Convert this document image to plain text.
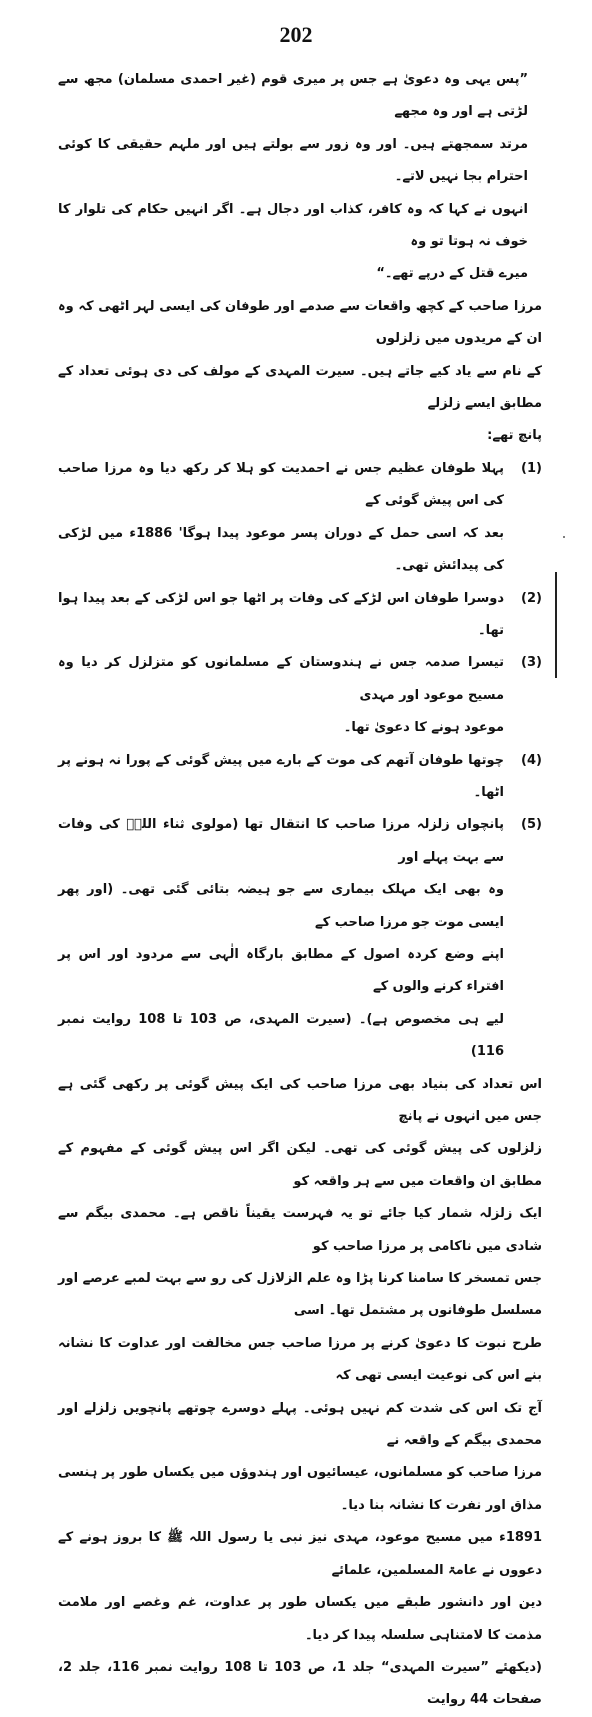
202

”پس یہی وہ دعویٰ ہے جس پر میری قوم (غیر احمدی مسلمان) مجھ سے لڑتی ہے اور وہ مجھے

مرتد سمجھتے ہیں۔ اور وہ زور سے بولتے ہیں اور ملہم حقیقی کا کوئی احترام بجا نہیں لاتے۔

انہوں نے کہا کہ وہ کافر، کذاب اور دجال ہے۔ اگر انہیں حکام کی تلوار کا خوف نہ ہوتا تو وہ

میرے قتل کے درپے تھے۔“

مرزا صاحب کے کچھ واقعات سے صدمے اور طوفان کی ایسی لہر اٹھی کہ وہ ان کے مریدوں میں زلزلوں

کے نام سے یاد کیے جاتے ہیں۔ سیرت المہدی کے مولف کی دی ہوئی تعداد کے مطابق ایسے زلزلے

پانچ تھے:

(1)

پہلا طوفان عظیم جس نے احمدیت کو ہلا کر رکھ دیا وہ مرزا صاحب کی اس پیش گوئی کے

بعد کہ اسی حمل کے دوران پسر موعود پیدا ہوگا' 1886ء میں لڑکی کی پیدائش تھی۔

(2)

دوسرا طوفان اس لڑکے کی وفات پر اٹھا جو اس لڑکی کے بعد پیدا ہوا تھا۔

(3)

تیسرا صدمہ جس نے ہندوستان کے مسلمانوں کو متزلزل کر دیا وہ مسیح موعود اور مہدی

موعود ہونے کا دعویٰ تھا۔

(4)

چوتھا طوفان آتھم کی موت کے بارے میں پیش گوئی کے پورا نہ ہونے پر اٹھا۔

(5)

پانچواں زلزلہ مرزا صاحب کا انتقال تھا (مولوی ثناء اللہؒ کی وفات سے بہت پہلے اور

وہ بھی ایک مہلک بیماری سے جو ہیضہ بتائی گئی تھی۔ (اور پھر ایسی موت جو مرزا صاحب کے

اپنے وضع کردہ اصول کے مطابق بارگاہ الٰہی سے مردود اور اس پر افتراء کرنے والوں کے

لیے ہی مخصوص ہے)۔ (سیرت المہدی، ص 103 تا 108 روایت نمبر 116)

اس تعداد کی بنیاد بھی مرزا صاحب کی ایک پیش گوئی پر رکھی گئی ہے جس میں انہوں نے پانچ

زلزلوں کی پیش گوئی کی تھی۔ لیکن اگر اس پیش گوئی کے مفہوم کے مطابق ان واقعات میں سے ہر واقعہ کو

ایک زلزلہ شمار کیا جائے تو یہ فہرست یقیناً ناقص ہے۔ محمدی بیگم سے شادی میں ناکامی پر مرزا صاحب کو

جس تمسخر کا سامنا کرنا پڑا وہ علم الزلازل کی رو سے بہت لمبے عرصے اور مسلسل طوفانوں پر مشتمل تھا۔ اسی

طرح نبوت کا دعویٰ کرنے پر مرزا صاحب جس مخالفت اور عداوت کا نشانہ بنے اس کی نوعیت ایسی تھی کہ

آج تک اس کی شدت کم نہیں ہوئی۔ پہلے دوسرے چوتھے پانچویں زلزلے اور محمدی بیگم کے واقعہ نے

مرزا صاحب کو مسلمانوں، عیسائیوں اور ہندوؤں میں یکساں طور پر ہنسی مذاق اور نفرت کا نشانہ بنا دیا۔

1891ء میں مسیح موعود، مہدی نیز نبی یا رسول اللہ ﷺ کا بروز ہونے کے دعووں نے عامۃ المسلمین، علمائے

دین اور دانشور طبقے میں یکساں طور پر عداوت، غم وغصے اور ملامت مذمت کا لامتناہی سلسلہ پیدا کر دیا۔

(دیکھئے ”سیرت المہدی“ جلد 1، ص 103 تا 108 روایت نمبر 116، جلد 2، صفحات 44 روایت
